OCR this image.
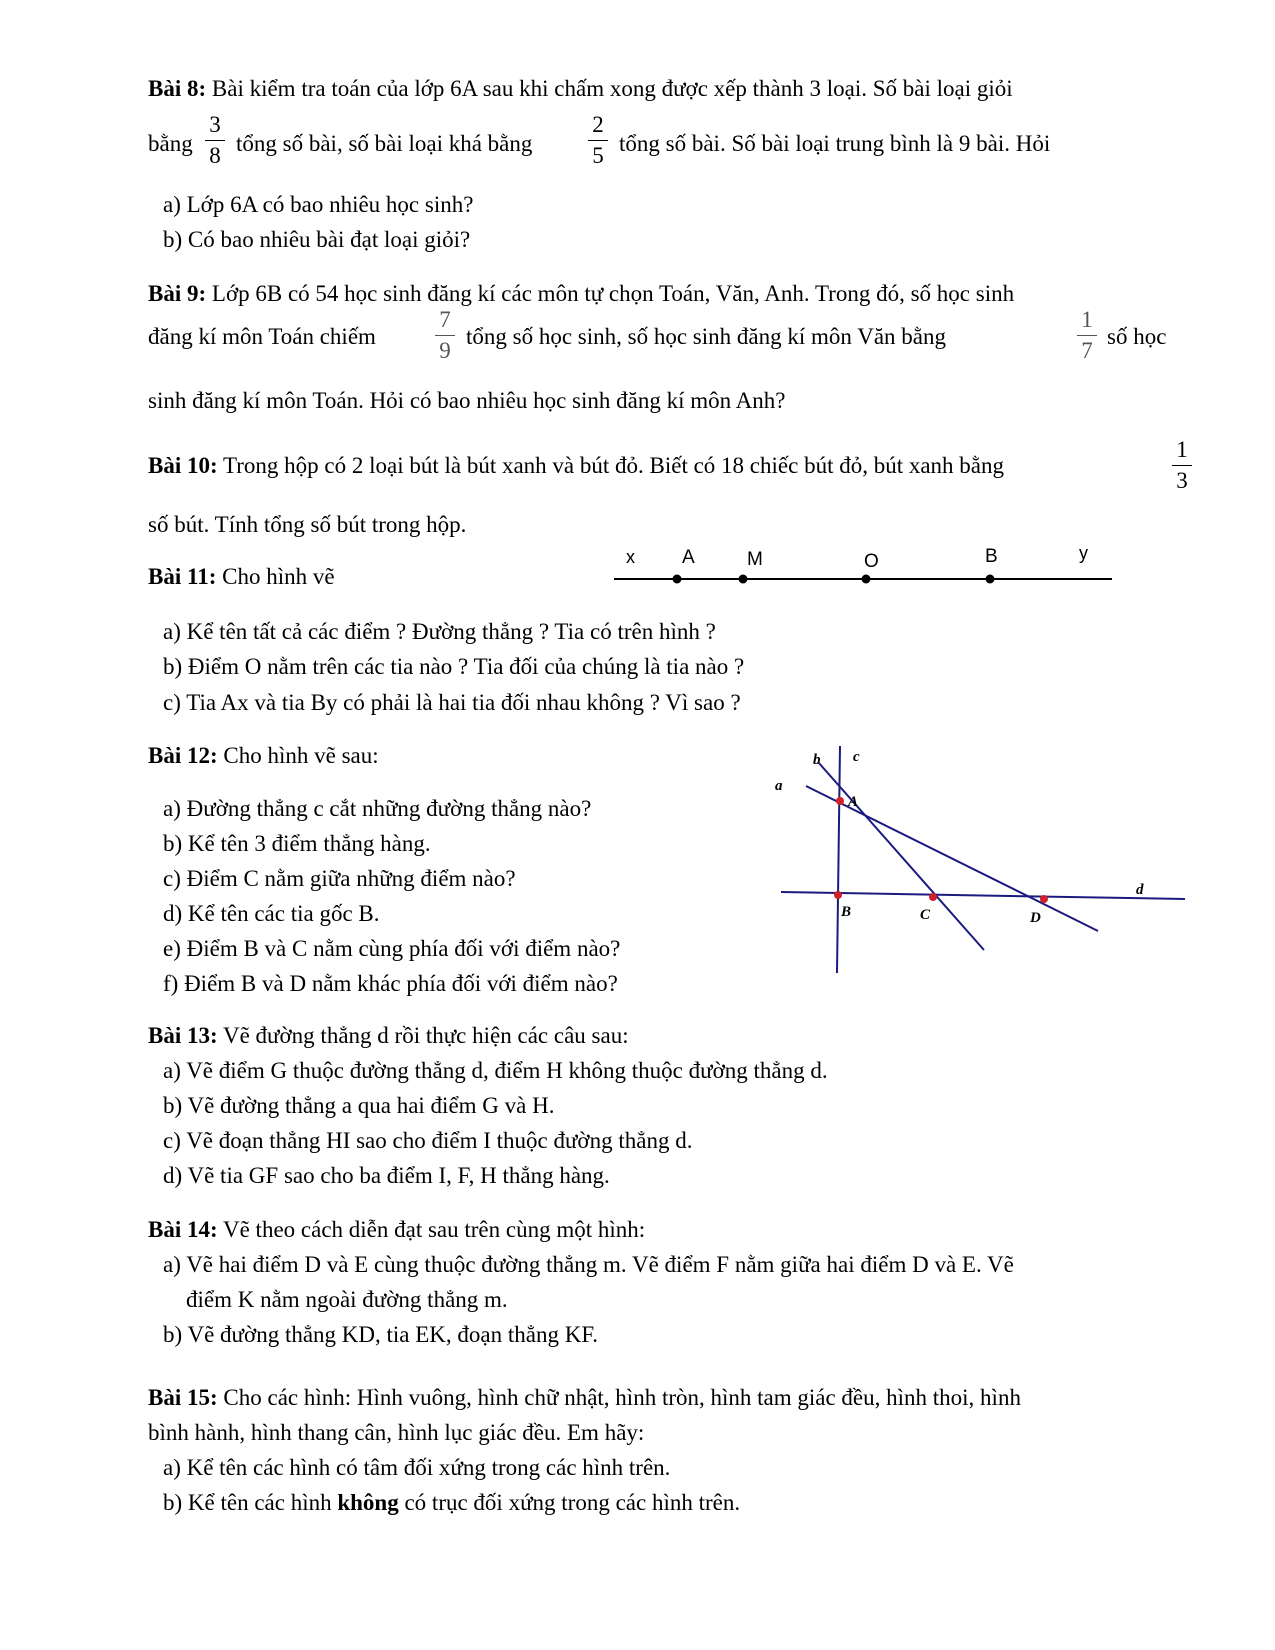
Bài 8: Bài kiểm tra toán của lớp 6A sau khi chấm xong được xếp thành 3 loại. Số bài loại giỏi
bằng
3
8 tổng số bài, số bài loại khá bằng
2
5 tổng số bài. Số bài loại trung bình là 9 bài. Hỏi
a) Lớp 6A có bao nhiêu học sinh?
b) Có bao nhiêu bài đạt loại giỏi?
Bài 9: Lớp 6B có 54 học sinh đăng kí các môn tự chọn Toán, Văn, Anh. Trong đó, số học sinh
đăng kí môn Toán chiếm
7
9
tổng số học sinh, số học sinh đăng kí môn Văn bằng
1
7
số học
sinh đăng kí môn Toán. Hỏi có bao nhiêu học sinh đăng kí môn Anh?
Bài 10: Trong hộp có 2 loại bút là bút xanh và bút đỏ. Biết có 18 chiếc bút đỏ, bút xanh bằng
1
3
số bút. Tính tổng số bút trong hộp.
Bài 11: Cho hình vẽ
x A	M	O	B	y
a) Kể tên tất cả các điểm ? Đường thẳng ? Tia có trên hình ?
b) Điểm O nằm trên các tia nào ? Tia đối của chúng là tia nào ?
c) Tia Ax và tia By có phải là hai tia đối nhau không ? Vì sao ?
Bài 12: Cho hình vẽ sau:
a) Đường thẳng c cắt những đường thẳng nào?
b) Kể tên 3 điểm thẳng hàng.
c) Điểm C nằm giữa những điểm nào?
d) Kể tên các tia gốc B.
e) Điểm B và C nằm cùng phía đối với điểm nào?
f) Điểm B và D nằm khác phía đối với điểm nào?
a
b c
d
A
B	C	D
Bài 13: Vẽ đường thẳng d rồi thực hiện các câu sau:
a) Vẽ điểm G thuộc đường thẳng d, điểm H không thuộc đường thẳng d.
b) Vẽ đường thẳng a qua hai điểm G và H.
c) Vẽ đoạn thẳng HI sao cho điểm I thuộc đường thẳng d.
d) Vẽ tia GF sao cho ba điểm I, F, H thẳng hàng.
Bài 14: Vẽ theo cách diễn đạt sau trên cùng một hình:
a) Vẽ hai điểm D và E cùng thuộc đường thẳng m. Vẽ điểm F nằm giữa hai điểm D và E. Vẽ
điểm K nằm ngoài đường thẳng m.
b) Vẽ đường thẳng KD, tia EK, đoạn thẳng KF.
Bài 15: Cho các hình: Hình vuông, hình chữ nhật, hình tròn, hình tam giác đều, hình thoi, hình
bình hành, hình thang cân, hình lục giác đều. Em hãy:
a) Kể tên các hình có tâm đối xứng trong các hình trên.
b) Kể tên các hình không có trục đối xứng trong các hình trên.
